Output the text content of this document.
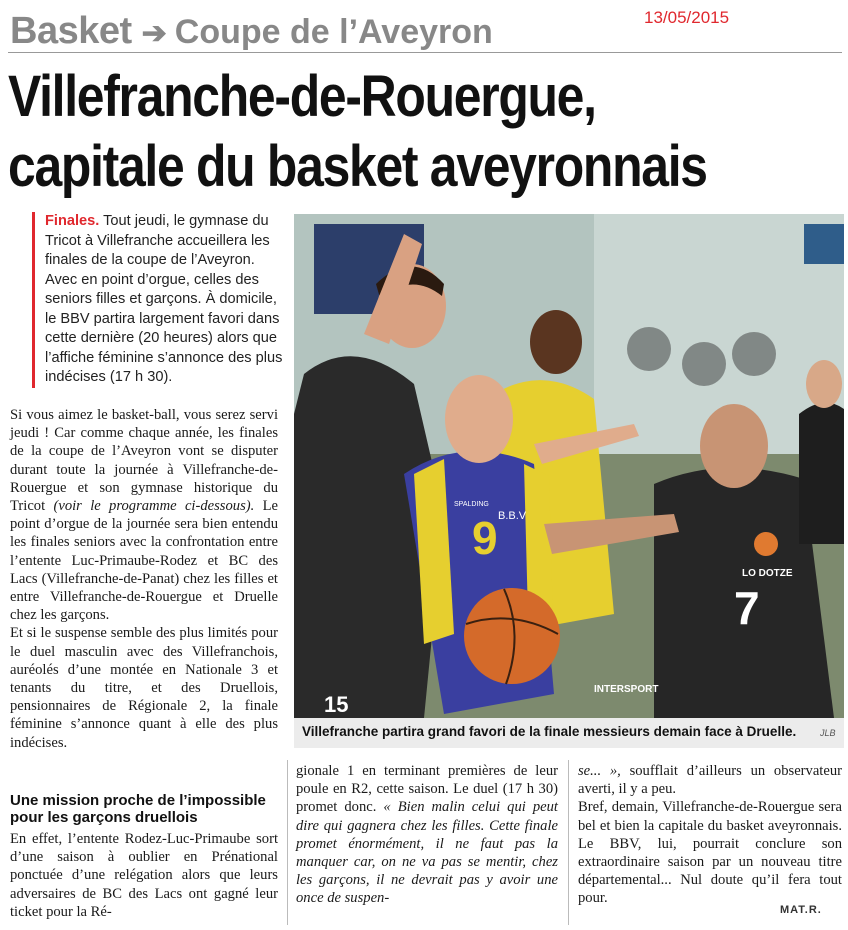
Basket ➔ Coupe de l’Aveyron	13/05/2015
Villefranche-de-Rouergue,
capitale du basket aveyronnais
Finales. Tout jeudi, le gymnase du Tricot à Villefranche accueillera les finales de la coupe de l’Aveyron. Avec en point d’orgue, celles des seniors filles et garçons. À domicile, le BBV partira largement favori dans cette dernière (20 heures) alors que l’affiche féminine s’annonce des plus indécises (17 h 30).

Si vous aimez le basket-ball, vous serez servi jeudi ! Car comme chaque année, les finales de la coupe de l’Aveyron vont se disputer durant toute la journée à Villefranche-de-Rouergue et son gymnase historique du Tricot (voir le programme ci-dessous). Le point d’orgue de la journée sera bien entendu les finales seniors avec la confrontation entre l’entente Luc-Primaube-Rodez et BC des Lacs (Villefranche-de-Panat) chez les filles et entre Villefranche-de-Rouergue et Druelle chez les garçons.

Et si le suspense semble des plus limités pour le duel masculin avec des Villefranchois, auréolés d’une montée en Nationale 3 et tenants du titre, et des Druellois, pensionnaires de Régionale 2, la finale féminine s’annonce quant à elle des plus indécises.

Une mission proche de l’impossible pour les garçons druellois

En effet, l’entente Rodez-Luc-Primaube sort d’une saison à oublier en Prénational ponctuée d’une relégation alors que leurs adversaires de BC des Lacs ont gagné leur ticket pour la Ré-

gionale 1 en terminant premières de leur poule en R2, cette saison. Le duel (17 h 30) promet donc. « Bien malin celui qui peut dire qui gagnera chez les filles. Cette finale promet énormément, il ne faut pas la manquer car, on ne va pas se mentir, chez les garçons, il ne devrait pas y avoir une once de suspen-

se... », soufflait d’ailleurs un observateur averti, il y a peu.

Bref, demain, Villefranche-de-Rouergue sera bel et bien la capitale du basket aveyronnais. Le BBV, lui, pourrait conclure son extraordinaire saison par un nouveau titre départemental... Nul doute qu’il fera tout pour.

MAT.R.
9 B.B.V
SPALDING
7
LO DOTZE
15
INTERSPORT
Villefranche partira grand favori de la finale messieurs demain face à Druelle.	JLB
